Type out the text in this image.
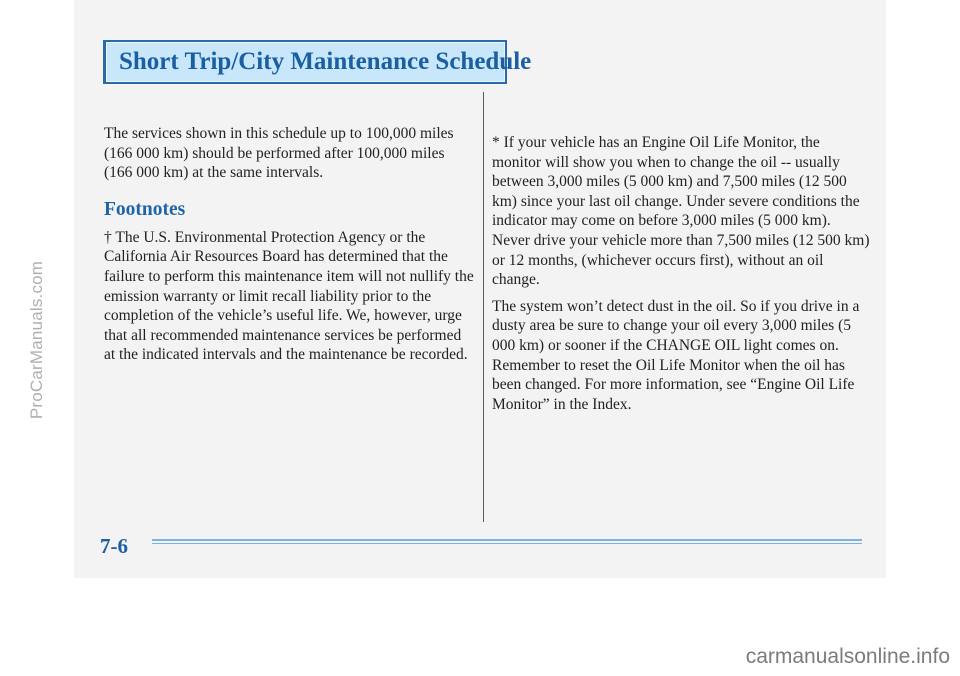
Short Trip/City Maintenance Schedule

The services shown in this schedule up to 100,000 miles (166 000 km) should be performed after 100,000 miles (166 000 km) at the same intervals.

Footnotes

† The U.S. Environmental Protection Agency or the California Air Resources Board has determined that the failure to perform this maintenance item will not nullify the emission warranty or limit recall liability prior to the completion of the vehicle’s useful life. We, however, urge that all recommended maintenance services be performed at the indicated intervals and the maintenance be recorded.

* If your vehicle has an Engine Oil Life Monitor, the monitor will show you when to change the oil -- usually between 3,000 miles (5 000 km) and 7,500 miles (12 500 km) since your last oil change. Under severe conditions the indicator may come on before 3,000 miles (5 000 km). Never drive your vehicle more than 7,500 miles (12 500 km) or 12 months, (whichever occurs first), without an oil change.

The system won’t detect dust in the oil. So if you drive in a dusty area be sure to change your oil every 3,000 miles (5 000 km) or sooner if the CHANGE OIL light comes on. Remember to reset the Oil Life Monitor when the oil has been changed. For more information, see “Engine Oil Life Monitor” in the Index.

7-6
ProCarManuals.com
carmanualsonline.info
